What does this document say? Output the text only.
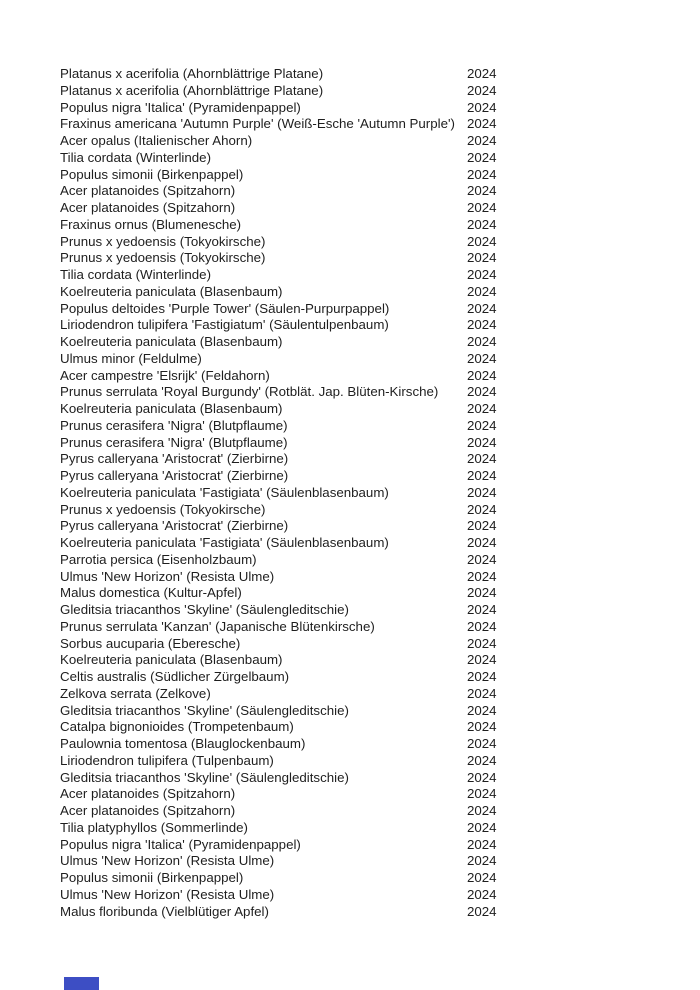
Platanus x acerifolia (Ahornblättrige Platane)	2024
Platanus x acerifolia (Ahornblättrige Platane)	2024
Populus nigra 'Italica' (Pyramidenpappel)	2024
Fraxinus americana 'Autumn Purple' (Weiß-Esche 'Autumn Purple') 2024
Acer opalus (Italienischer Ahorn)	2024
Tilia cordata (Winterlinde)	2024
Populus simonii (Birkenpappel)	2024
Acer platanoides (Spitzahorn)	2024
Acer platanoides (Spitzahorn)	2024
Fraxinus ornus (Blumenesche)	2024
Prunus x yedoensis (Tokyokirsche)	2024
Prunus x yedoensis (Tokyokirsche)	2024
Tilia cordata (Winterlinde)	2024
Koelreuteria paniculata (Blasenbaum)	2024
Populus deltoides 'Purple Tower' (Säulen-Purpurpappel)	2024
Liriodendron tulipifera 'Fastigiatum' (Säulentulpenbaum)	2024
Koelreuteria paniculata (Blasenbaum)	2024
Ulmus minor (Feldulme)	2024
Acer campestre 'Elsrijk' (Feldahorn)	2024
Prunus serrulata 'Royal Burgundy' (Rotblät. Jap. Blüten-Kirsche)	2024
Koelreuteria paniculata (Blasenbaum)	2024
Prunus cerasifera 'Nigra' (Blutpflaume)	2024
Prunus cerasifera 'Nigra' (Blutpflaume)	2024
Pyrus calleryana 'Aristocrat' (Zierbirne)	2024
Pyrus calleryana 'Aristocrat' (Zierbirne)	2024
Koelreuteria paniculata 'Fastigiata' (Säulenblasenbaum)	2024
Prunus x yedoensis (Tokyokirsche)	2024
Pyrus calleryana 'Aristocrat' (Zierbirne)	2024
Koelreuteria paniculata 'Fastigiata' (Säulenblasenbaum)	2024
Parrotia persica (Eisenholzbaum)	2024
Ulmus 'New Horizon' (Resista Ulme)	2024
Malus domestica (Kultur-Apfel)	2024
Gleditsia triacanthos 'Skyline' (Säulengleditschie)	2024
Prunus serrulata 'Kanzan' (Japanische Blütenkirsche)	2024
Sorbus aucuparia (Eberesche)	2024
Koelreuteria paniculata (Blasenbaum)	2024
Celtis australis (Südlicher Zürgelbaum)	2024
Zelkova serrata (Zelkove)	2024
Gleditsia triacanthos 'Skyline' (Säulengleditschie)	2024
Catalpa bignonioides (Trompetenbaum)	2024
Paulownia tomentosa (Blauglockenbaum)	2024
Liriodendron tulipifera (Tulpenbaum)	2024
Gleditsia triacanthos 'Skyline' (Säulengleditschie)	2024
Acer platanoides (Spitzahorn)	2024
Acer platanoides (Spitzahorn)	2024
Tilia platyphyllos (Sommerlinde)	2024
Populus nigra 'Italica' (Pyramidenpappel)	2024
Ulmus 'New Horizon' (Resista Ulme)	2024
Populus simonii (Birkenpappel)	2024
Ulmus 'New Horizon' (Resista Ulme)	2024
Malus floribunda (Vielblütiger Apfel)	2024
